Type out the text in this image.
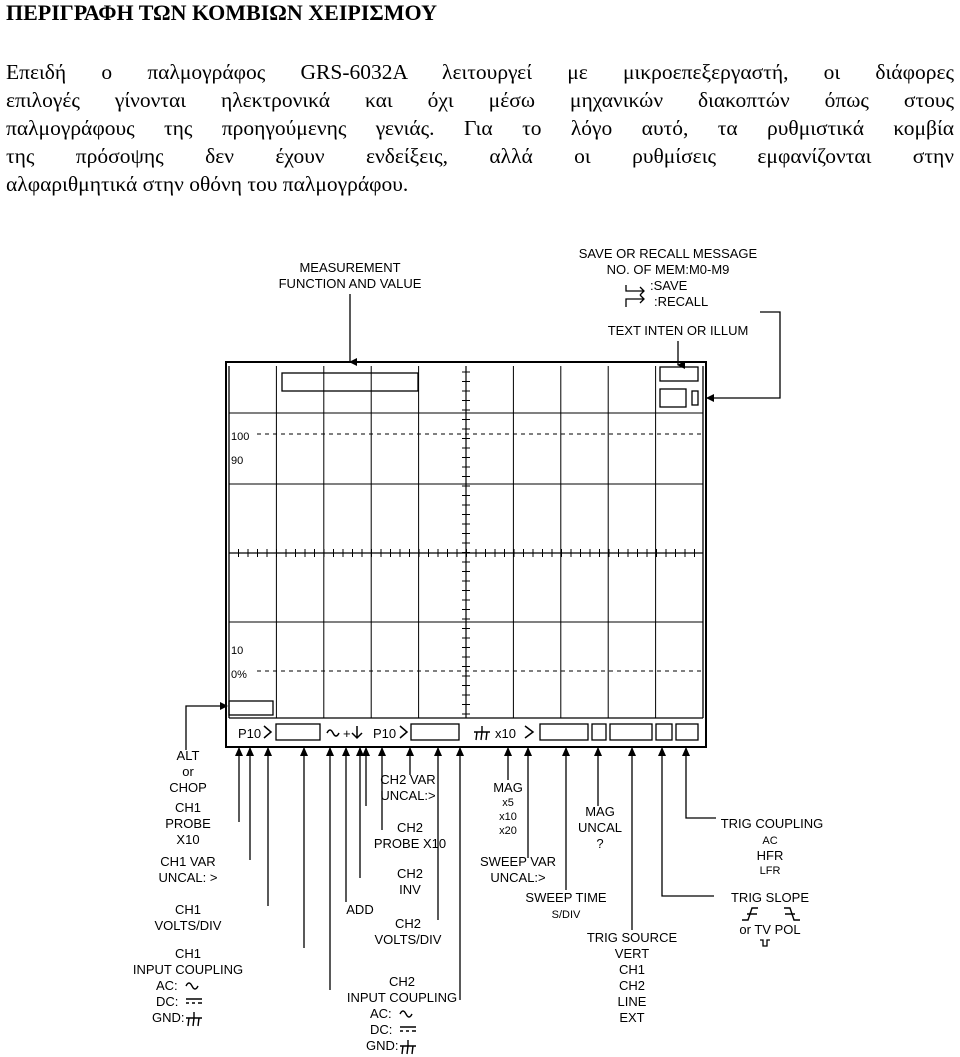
ΠΕΡΙΓΡΑΦΗ ΤΩΝ ΚΟΜΒΙΩΝ ΧΕΙΡΙΣΜΟΥ
Επειδή ο παλμογράφος GRS-6032A λειτουργεί με μικροεπεξεργαστή, οι διάφορες
επιλογές γίνονται ηλεκτρονικά και όχι μέσω μηχανικών διακοπτών όπως στους
παλμογράφους της προηγούμενης γενιάς. Για το λόγο αυτό, τα ρυθμιστικά κομβία
της πρόσοψης δεν έχουν ενδείξεις, αλλά οι ρυθμίσεις εμφανίζονται στην
αλφαριθμητικά στην οθόνη του παλμογράφου.
100
90
10
0%
P10	+ P10	x10
MEASUREMENT
FUNCTION AND VALUE
SAVE OR RECALL MESSAGE
NO. OF MEM:M0-M9
:SAVE
:RECALL
TEXT INTEN OR ILLUM
ALT
or
CHOP
CH1
PROBE
X10
CH1 VAR
UNCAL: >
CH1
VOLTS/DIV
CH1
INPUT COUPLING
AC:
DC:
GND:
ADD
CH2 VAR
UNCAL:>
CH2
PROBE X10
CH2
INV
CH2
VOLTS/DIV
CH2
INPUT COUPLING
AC:
DC:
GND:
MAG
x5
x10
x20
SWEEP VAR
UNCAL:>
SWEEP TIME
S/DIV
MAG
UNCAL
?
TRIG SOURCE
VERT
CH1
CH2
LINE
EXT
TRIG COUPLING
AC
HFR
LFR
TRIG SLOPE
or TV POL
